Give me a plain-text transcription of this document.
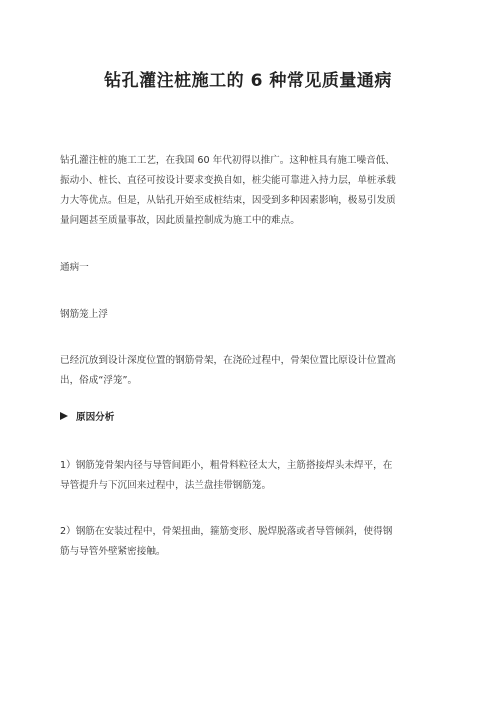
钻孔灌注桩施工的 6 种常见质量通病

钻孔灌注桩的施工工艺，在我国 60 年代初得以推广。这种桩具有施工噪音低、
振动小、桩长、直径可按设计要求变换自如，桩尖能可靠进入持力层，单桩承载
力大等优点。但是，从钻孔开始至成桩结束，因受到多种因素影响，极易引发质
量问题甚至质量事故，因此质量控制成为施工中的难点。

通病一

钢筋笼上浮

已经沉放到设计深度位置的钢筋骨架，在浇砼过程中，骨架位置比原设计位置高
出，俗成“浮笼”。

原因分析

1）钢筋笼骨架内径与导管间距小，粗骨料粒径太大，主筋搭接焊头未焊平，在
导管提升与下沉回来过程中，法兰盘挂带钢筋笼。

2）钢筋在安装过程中，骨架扭曲，箍筋变形、脱焊脱落或者导管倾斜，使得钢
筋与导管外壁紧密接触。
